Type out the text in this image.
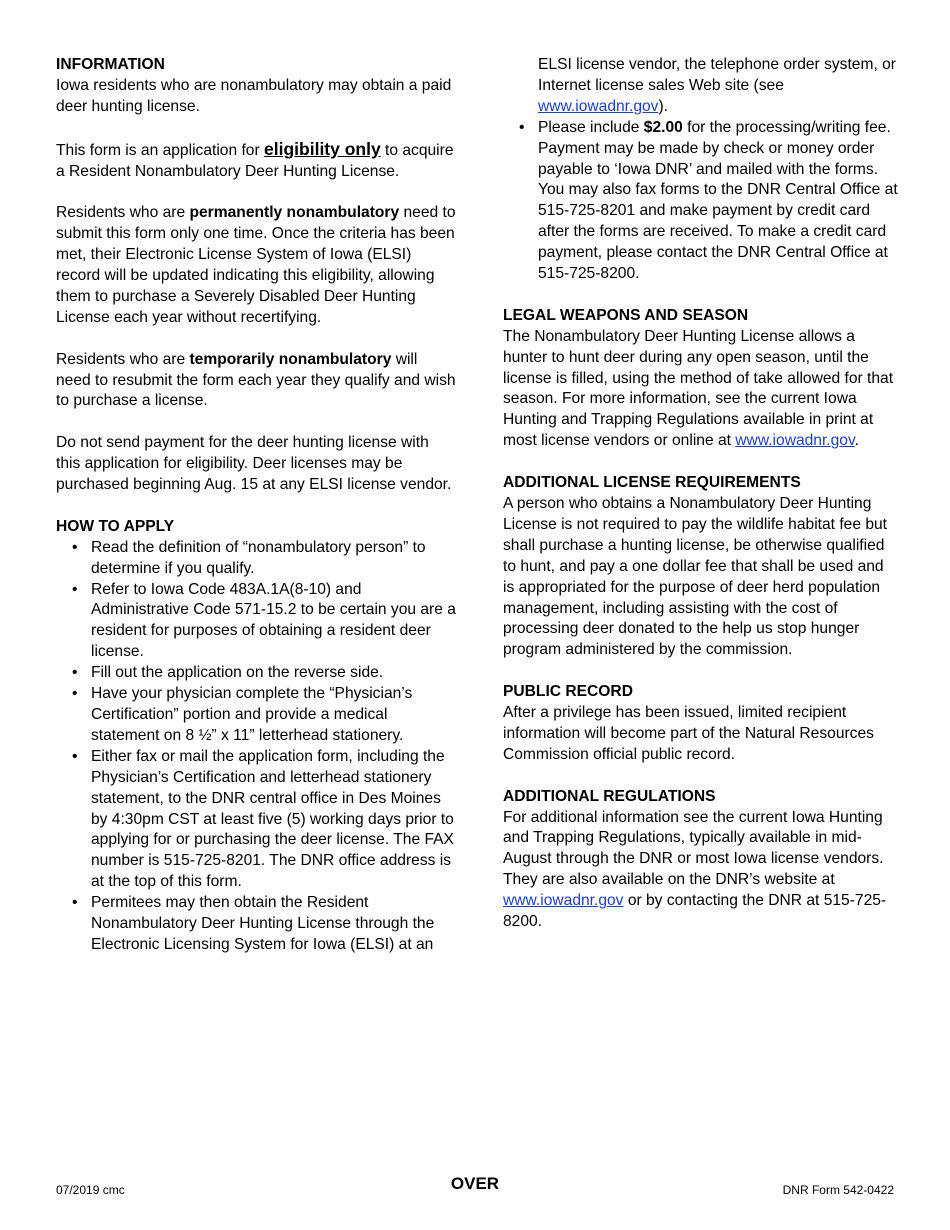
INFORMATION

Iowa residents who are nonambulatory may obtain a paid deer hunting license.

This form is an application for eligibility only to acquire a Resident Nonambulatory Deer Hunting License.

Residents who are permanently nonambulatory need to submit this form only one time. Once the criteria has been met, their Electronic License System of Iowa (ELSI) record will be updated indicating this eligibility, allowing them to purchase a Severely Disabled Deer Hunting License each year without recertifying.

Residents who are temporarily nonambulatory will need to resubmit the form each year they qualify and wish to purchase a license.

Do not send payment for the deer hunting license with this application for eligibility. Deer licenses may be purchased beginning Aug. 15 at any ELSI license vendor.

HOW TO APPLY
• Read the definition of “nonambulatory person” to determine if you qualify.
• Refer to Iowa Code 483A.1A(8-10) and Administrative Code 571-15.2 to be certain you are a resident for purposes of obtaining a resident deer license.
• Fill out the application on the reverse side.
• Have your physician complete the “Physician’s Certification” portion and provide a medical statement on 8 ½” x 11” letterhead stationery.
• Either fax or mail the application form, including the Physician’s Certification and letterhead stationery statement, to the DNR central office in Des Moines by 4:30pm CST at least five (5) working days prior to applying for or purchasing the deer license. The FAX number is 515-725-8201. The DNR office address is at the top of this form.
• Permitees may then obtain the Resident Nonambulatory Deer Hunting License through the Electronic Licensing System for Iowa (ELSI) at an
ELSI license vendor, the telephone order system, or Internet license sales Web site (see www.iowadnr.gov).
• Please include $2.00 for the processing/writing fee. Payment may be made by check or money order payable to ‘Iowa DNR’ and mailed with the forms. You may also fax forms to the DNR Central Office at 515-725-8201 and make payment by credit card after the forms are received. To make a credit card payment, please contact the DNR Central Office at 515-725-8200.
LEGAL WEAPONS AND SEASON

The Nonambulatory Deer Hunting License allows a hunter to hunt deer during any open season, until the license is filled, using the method of take allowed for that season. For more information, see the current Iowa Hunting and Trapping Regulations available in print at most license vendors or online at www.iowadnr.gov.

ADDITIONAL LICENSE REQUIREMENTS

A person who obtains a Nonambulatory Deer Hunting License is not required to pay the wildlife habitat fee but shall purchase a hunting license, be otherwise qualified to hunt, and pay a one dollar fee that shall be used and is appropriated for the purpose of deer herd population management, including assisting with the cost of processing deer donated to the help us stop hunger program administered by the commission.

PUBLIC RECORD

After a privilege has been issued, limited recipient information will become part of the Natural Resources Commission official public record.

ADDITIONAL REGULATIONS

For additional information see the current Iowa Hunting and Trapping Regulations, typically available in mid-August through the DNR or most Iowa license vendors. They are also available on the DNR’s website at www.iowadnr.gov or by contacting the DNR at 515-725-8200.

07/2019 cmc	OVER	DNR Form 542-0422
